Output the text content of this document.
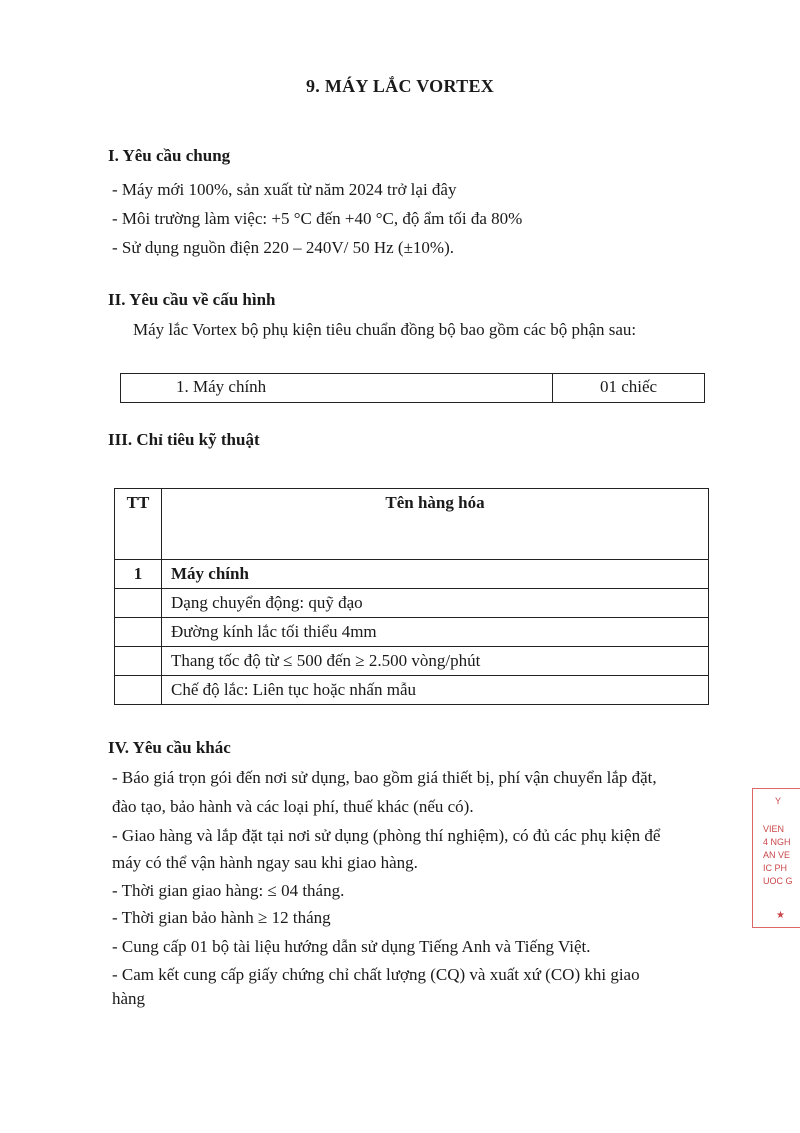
9. MÁY LẮC VORTEX
I. Yêu cầu chung
- Máy mới 100%, sản xuất từ năm 2024 trở lại đây
- Môi trường làm việc: +5 °C đến +40 °C, độ ẩm tối đa 80%
- Sử dụng nguồn điện 220 – 240V/ 50 Hz (±10%).
II. Yêu cầu về cấu hình
Máy lắc Vortex bộ phụ kiện tiêu chuẩn đồng bộ bao gồm các bộ phận sau:
1. Máy chính	01 chiếc
III. Chỉ tiêu kỹ thuật
TT	Tên hàng hóa
1	Máy chính
	Dạng chuyển động: quỹ đạo
	Đường kính lắc tối thiểu 4mm
	Thang tốc độ từ ≤ 500 đến ≥ 2.500 vòng/phút
	Chế độ lắc: Liên tục hoặc nhấn mẫu
IV. Yêu cầu khác
- Báo giá trọn gói đến nơi sử dụng, bao gồm giá thiết bị, phí vận chuyển lắp đặt,
đào tạo, bảo hành và các loại phí, thuế khác (nếu có).
- Giao hàng và lắp đặt tại nơi sử dụng (phòng thí nghiệm), có đủ các phụ kiện để
máy có thể vận hành ngay sau khi giao hàng.
- Thời gian giao hàng: ≤ 04 tháng.
- Thời gian bảo hành ≥ 12 tháng
- Cung cấp 01 bộ tài liệu hướng dẫn sử dụng Tiếng Anh và Tiếng Việt.
- Cam kết cung cấp giấy chứng chỉ chất lượng (CQ) và xuất xứ (CO) khi giao
hàng
Y
VIEN
4 NGH
AN VE
IC PH
UOC G
★
